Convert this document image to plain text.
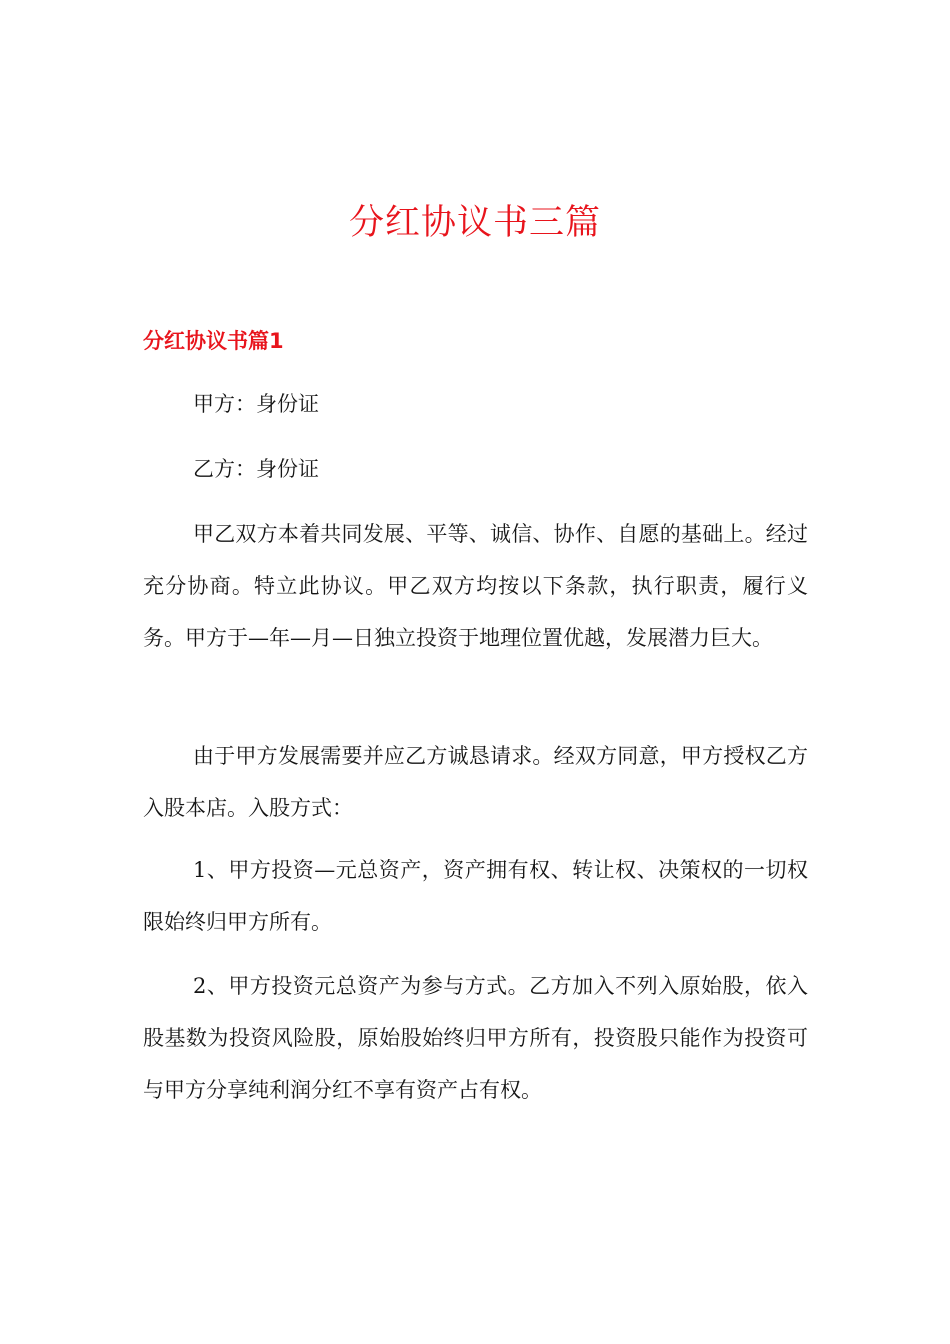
分红协议书三篇
分红协议书篇1

甲方：身份证

乙方：身份证

甲乙双方本着共同发展、平等、诚信、协作、自愿的基础上。经过充分协商。特立此协议。甲乙双方均按以下条款，执行职责，履行义务。甲方于—年—月—日独立投资于地理位置优越，发展潜力巨大。

由于甲方发展需要并应乙方诚恳请求。经双方同意，甲方授权乙方入股本店。入股方式：

1、甲方投资—元总资产，资产拥有权、转让权、决策权的一切权限始终归甲方所有。

2、甲方投资元总资产为参与方式。乙方加入不列入原始股，依入股基数为投资风险股，原始股始终归甲方所有，投资股只能作为投资可与甲方分享纯利润分红不享有资产占有权。
